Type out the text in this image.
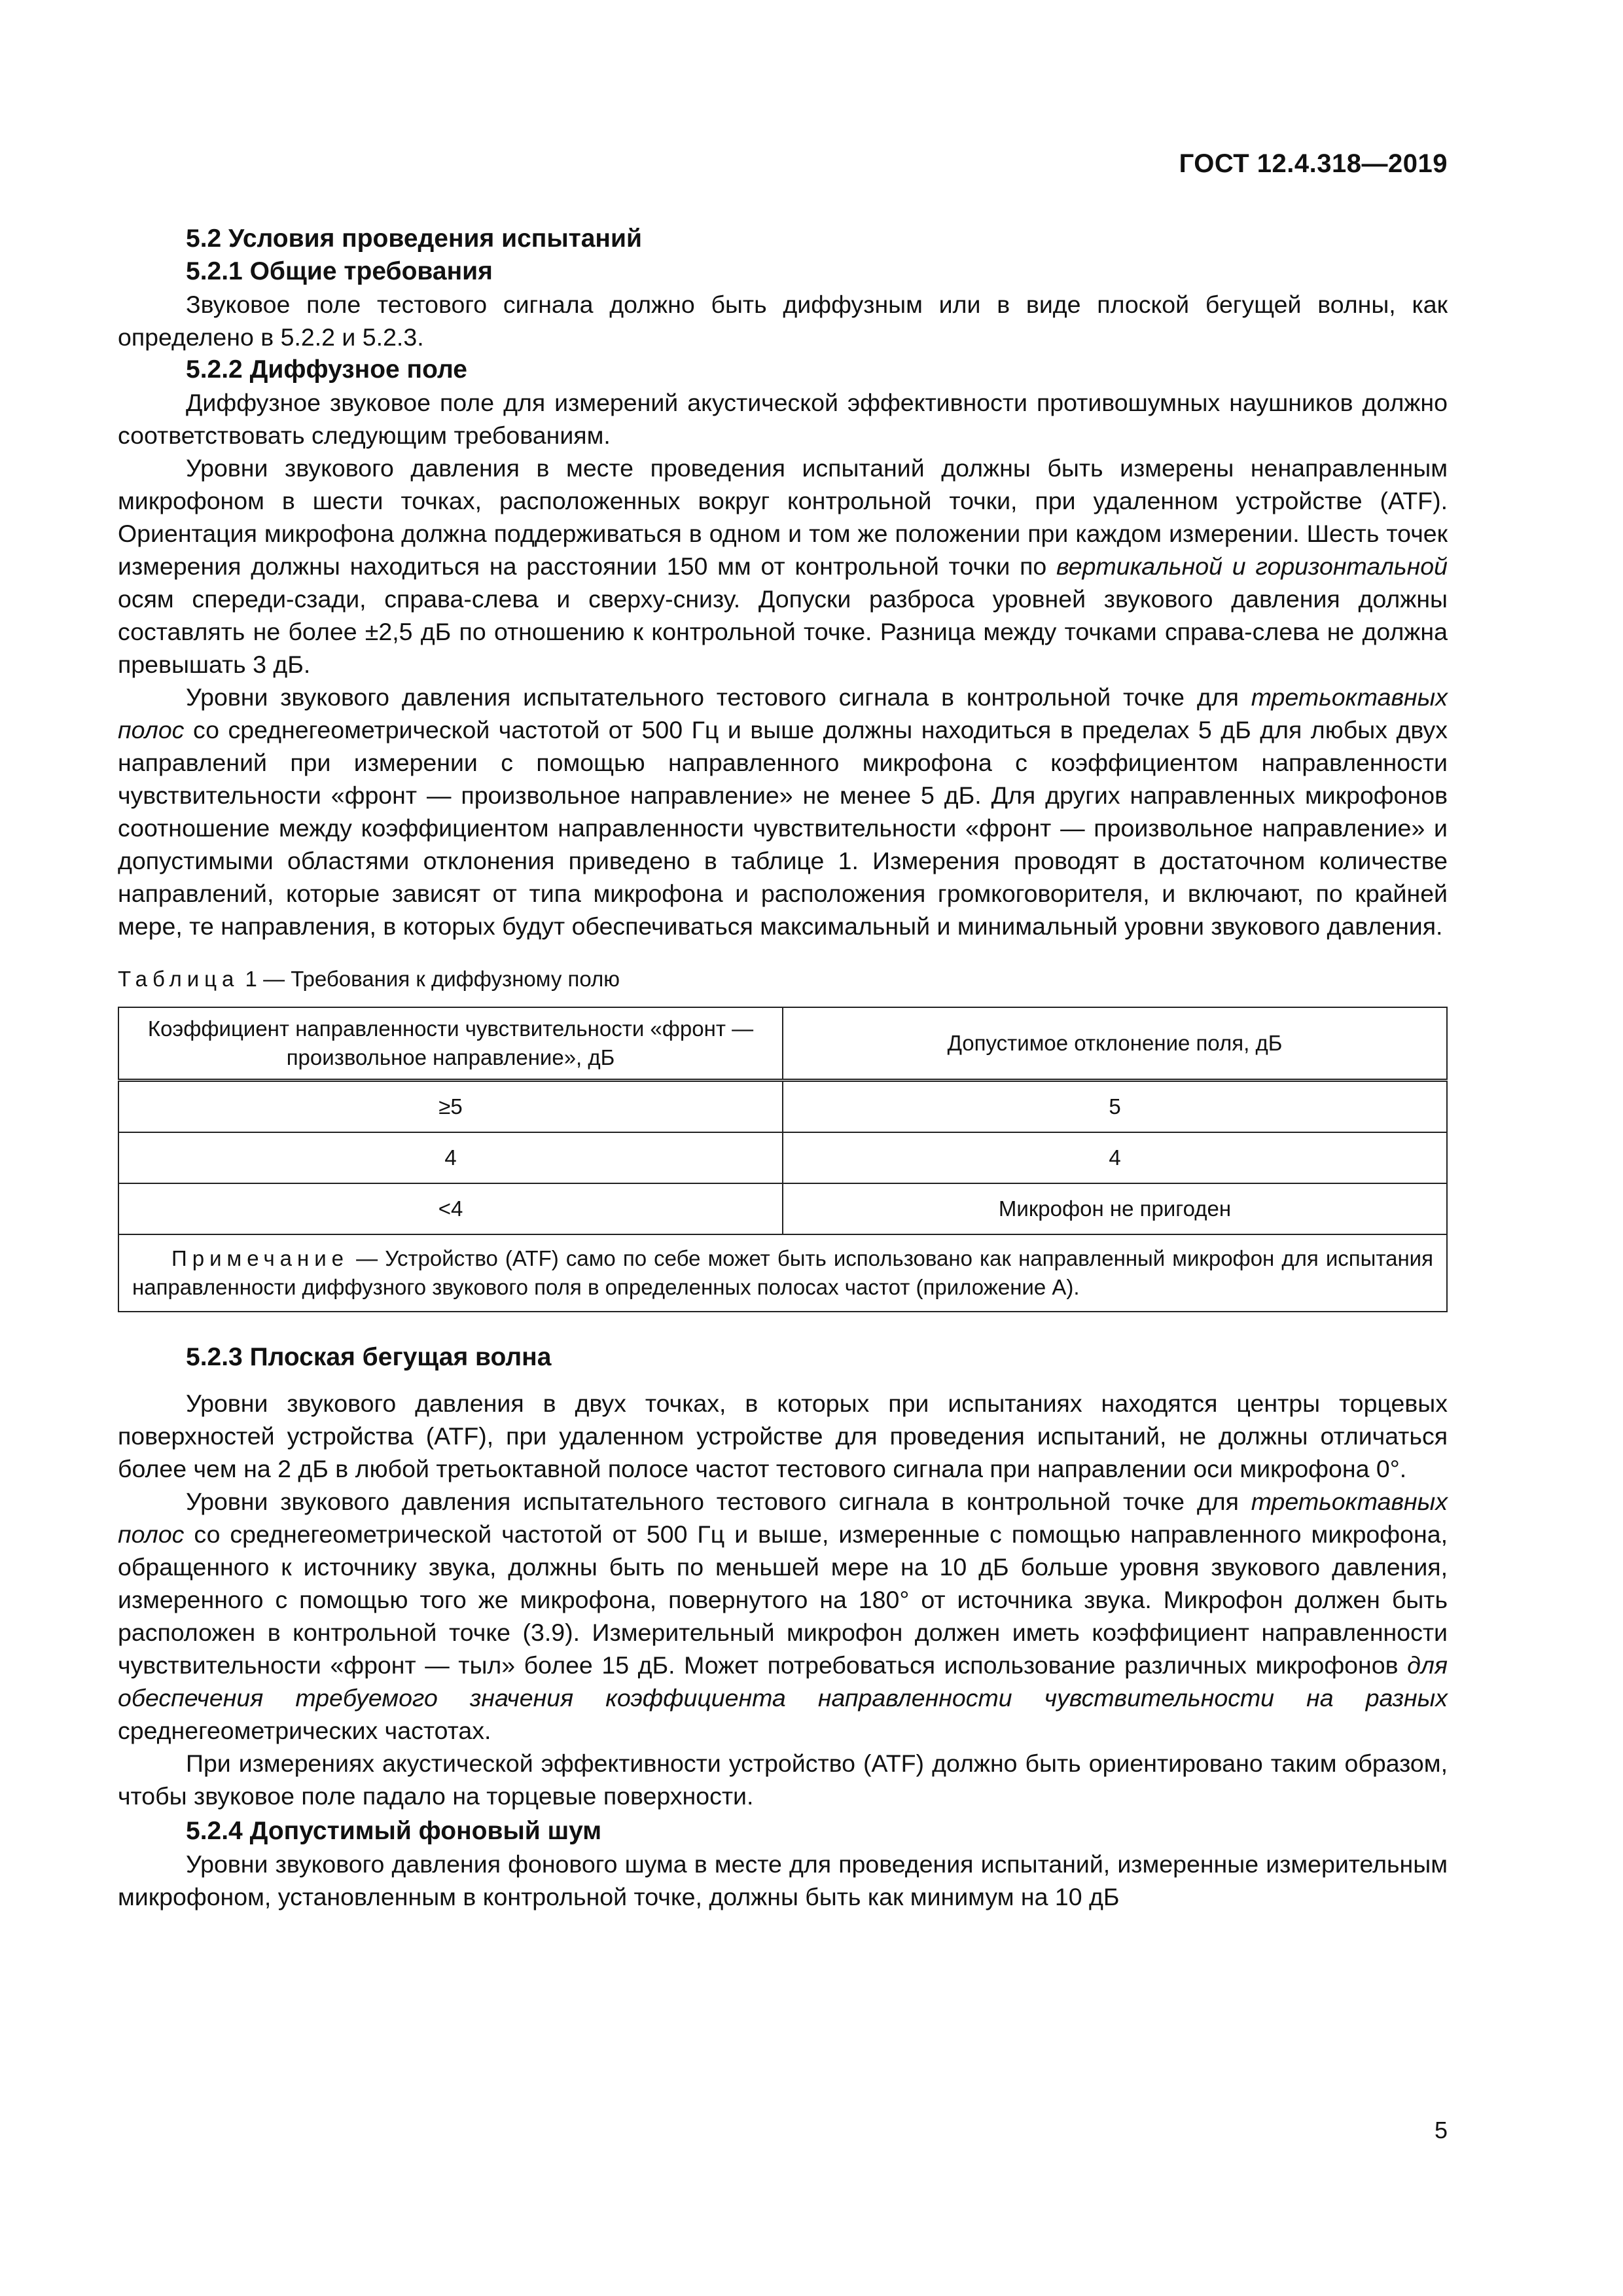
ГОСТ 12.4.318—2019

5.2 Условия проведения испытаний

5.2.1 Общие требования

Звуковое поле тестового сигнала должно быть диффузным или в виде плоской бегущей волны, как определено в 5.2.2 и 5.2.3.

5.2.2 Диффузное поле

Диффузное звуковое поле для измерений акустической эффективности противошумных наушников должно соответствовать следующим требованиям.

Уровни звукового давления в месте проведения испытаний должны быть измерены ненаправленным микрофоном в шести точках, расположенных вокруг контрольной точки, при удаленном устройстве (ATF). Ориентация микрофона должна поддерживаться в одном и том же положении при каждом измерении. Шесть точек измерения должны находиться на расстоянии 150 мм от контрольной точки по вертикальной и горизонтальной осям спереди-сзади, справа-слева и сверху-снизу. Допуски разброса уровней звукового давления должны составлять не более ±2,5 дБ по отношению к контрольной точке. Разница между точками справа-слева не должна превышать 3 дБ.

Уровни звукового давления испытательного тестового сигнала в контрольной точке для третьоктавных полос со среднегеометрической частотой от 500 Гц и выше должны находиться в пределах 5 дБ для любых двух направлений при измерении с помощью направленного микрофона с коэффициентом направленности чувствительности «фронт — произвольное направление» не менее 5 дБ. Для других направленных микрофонов соотношение между коэффициентом направленности чувствительности «фронт — произвольное направление» и допустимыми областями отклонения приведено в таблице 1. Измерения проводят в достаточном количестве направлений, которые зависят от типа микрофона и расположения громкоговорителя, и включают, по крайней мере, те направления, в которых будут обеспечиваться максимальный и минимальный уровни звукового давления.

Таблица 1 — Требования к диффузному полю

Коэффициент направленности чувствительности «фронт — произвольное направление», дБ	Допустимое отклонение поля, дБ
≥5	5
4	4
<4	Микрофон не пригоден
Примечание — Устройство (ATF) само по себе может быть использовано как направленный микрофон для испытания направленности диффузного звукового поля в определенных полосах частот (приложение А).	

5.2.3 Плоская бегущая волна

Уровни звукового давления в двух точках, в которых при испытаниях находятся центры торцевых поверхностей устройства (ATF), при удаленном устройстве для проведения испытаний, не должны отличаться более чем на 2 дБ в любой третьоктавной полосе частот тестового сигнала при направлении оси микрофона 0°.

Уровни звукового давления испытательного тестового сигнала в контрольной точке для третьоктавных полос со среднегеометрической частотой от 500 Гц и выше, измеренные с помощью направленного микрофона, обращенного к источнику звука, должны быть по меньшей мере на 10 дБ больше уровня звукового давления, измеренного с помощью того же микрофона, повернутого на 180° от источника звука. Микрофон должен быть расположен в контрольной точке (3.9). Измерительный микрофон должен иметь коэффициент направленности чувствительности «фронт — тыл» более 15 дБ. Может потребоваться использование различных микрофонов для обеспечения требуемого значения коэффициента направленности чувствительности на разных среднегеометрических частотах.

При измерениях акустической эффективности устройство (ATF) должно быть ориентировано таким образом, чтобы звуковое поле падало на торцевые поверхности.

5.2.4 Допустимый фоновый шум

Уровни звукового давления фонового шума в месте для проведения испытаний, измеренные измерительным микрофоном, установленным в контрольной точке, должны быть как минимум на 10 дБ

5
